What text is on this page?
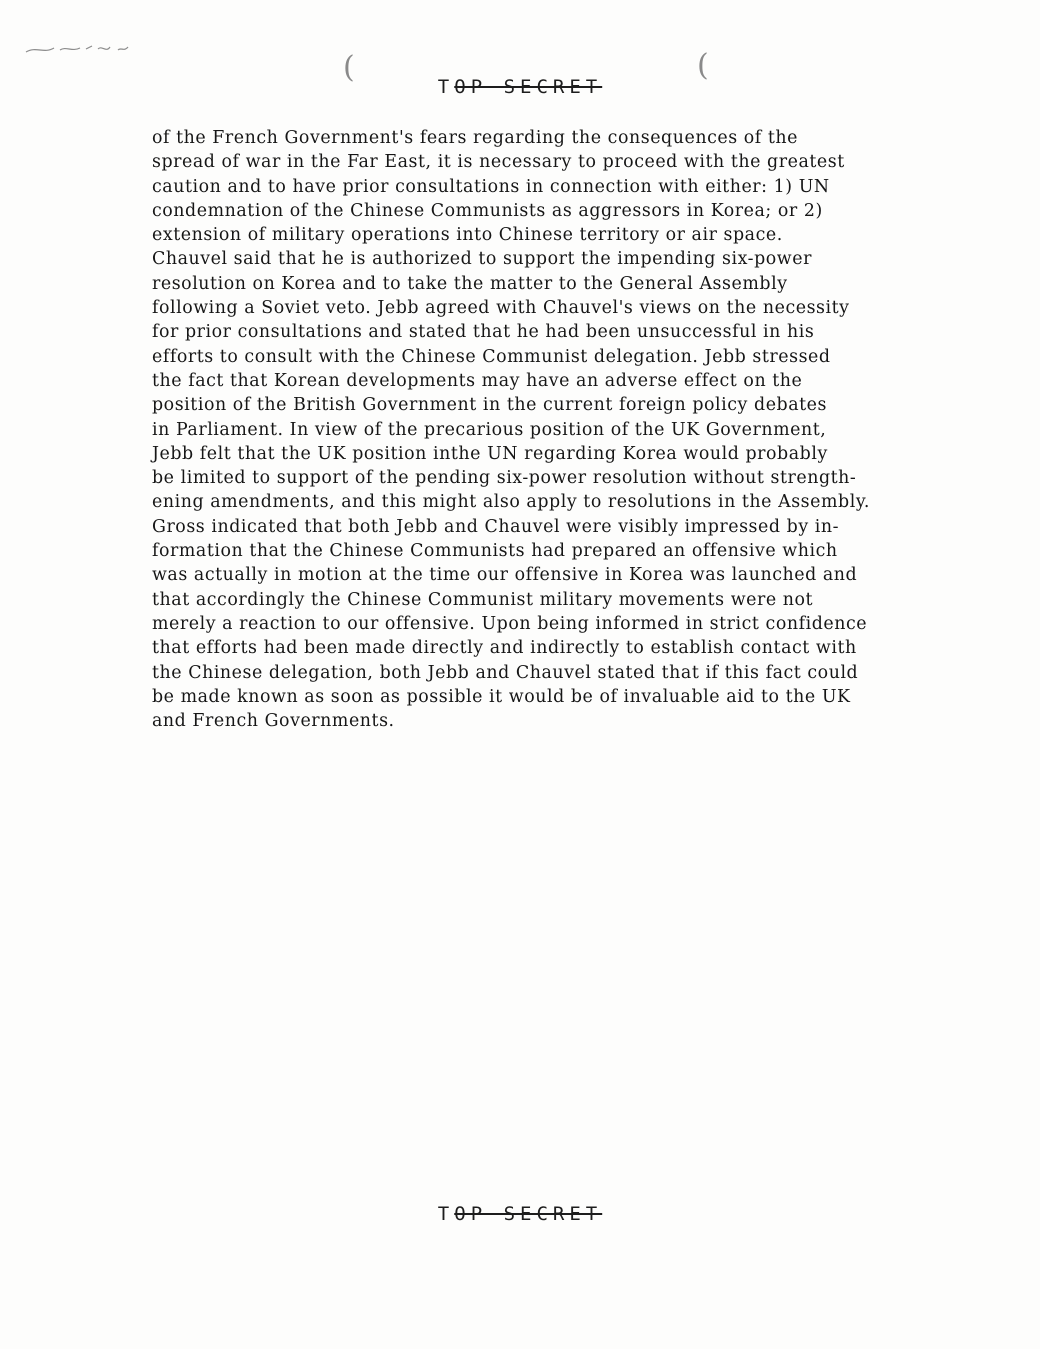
(	(
TOP SECRET
of the French Government's fears regarding the consequences of the
spread of war in the Far East, it is necessary to proceed with the greatest
caution and to have prior consultations in connection with either: 1) UN
condemnation of the Chinese Communists as aggressors in Korea; or 2)
extension of military operations into Chinese territory or air space.
Chauvel said that he is authorized to support the impending six-power
resolution on Korea and to take the matter to the General Assembly
following a Soviet veto. Jebb agreed with Chauvel's views on the necessity
for prior consultations and stated that he had been unsuccessful in his
efforts to consult with the Chinese Communist delegation. Jebb stressed
the fact that Korean developments may have an adverse effect on the
position of the British Government in the current foreign policy debates
in Parliament. In view of the precarious position of the UK Government,
Jebb felt that the UK position inthe UN regarding Korea would probably
be limited to support of the pending six-power resolution without strength-
ening amendments, and this might also apply to resolutions in the Assembly.
Gross indicated that both Jebb and Chauvel were visibly impressed by in-
formation that the Chinese Communists had prepared an offensive which
was actually in motion at the time our offensive in Korea was launched and
that accordingly the Chinese Communist military movements were not
merely a reaction to our offensive. Upon being informed in strict confidence
that efforts had been made directly and indirectly to establish contact with
the Chinese delegation, both Jebb and Chauvel stated that if this fact could
be made known as soon as possible it would be of invaluable aid to the UK
and French Governments.
TOP SECRET
